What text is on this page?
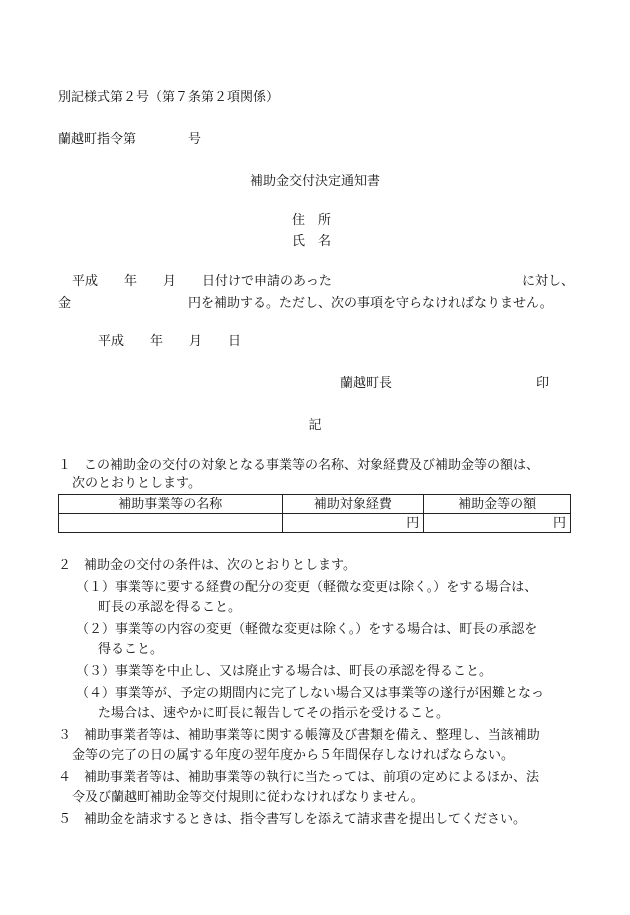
別記様式第２号（第７条第２項関係）
蘭越町指令第　　　　号
補助金交付決定通知書
住　所
氏　名
平成　　年　　月　　日付けで申請のあった	に対し、
金　　　　　　　　　円を補助する。ただし、次の事項を守らなければなりません。
平成　　年　　月　　日
蘭越町長	印
記
１　この補助金の交付の対象となる事業等の名称、対象経費及び補助金等の額は、
次のとおりとします。
補助事業等の名称	補助対象経費	補助金等の額
	円	円
２　補助金の交付の条件は、次のとおりとします。
（１）事業等に要する経費の配分の変更（軽微な変更は除く。）をする場合は、
町長の承認を得ること。
（２）事業等の内容の変更（軽微な変更は除く。）をする場合は、町長の承認を
得ること。
（３）事業等を中止し、又は廃止する場合は、町長の承認を得ること。
（４）事業等が、予定の期間内に完了しない場合又は事業等の遂行が困難となっ
た場合は、速やかに町長に報告してその指示を受けること。
３　補助事業者等は、補助事業等に関する帳簿及び書類を備え、整理し、当該補助
金等の完了の日の属する年度の翌年度から５年間保存しなければならない。
４　補助事業者等は、補助事業等の執行に当たっては、前項の定めによるほか、法
令及び蘭越町補助金等交付規則に従わなければなりません。
５　補助金を請求するときは、指令書写しを添えて請求書を提出してください。
